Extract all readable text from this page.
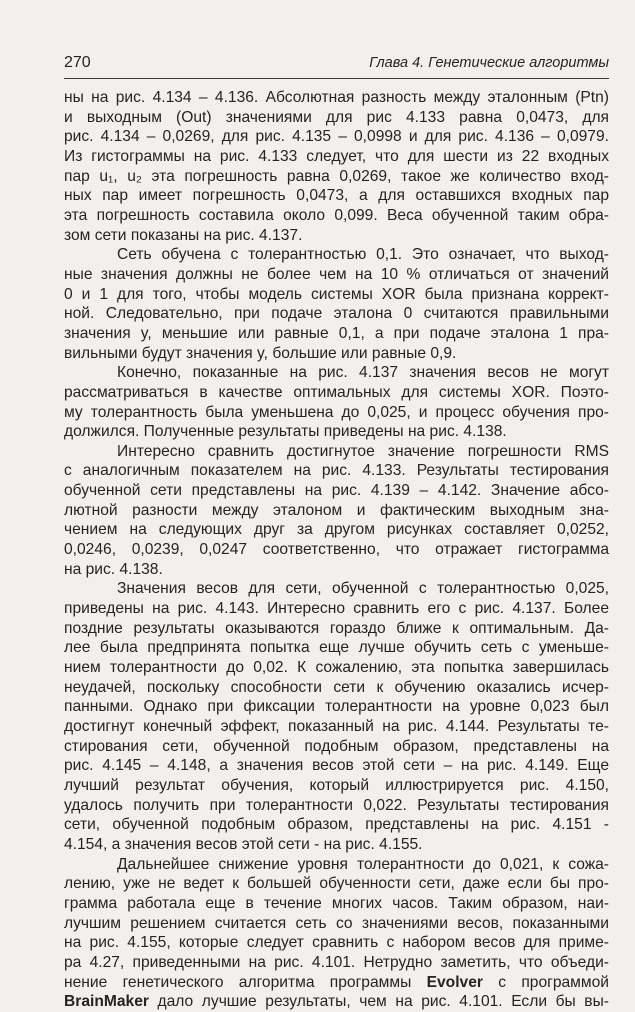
270	Глава 4. Генетические алгоритмы

ны на рис. 4.134 – 4.136. Абсолютная разность между эталонным (Ptn)

и выходным (Out) значениями для рис 4.133 равна 0,0473, для

рис. 4.134 – 0,0269, для рис. 4.135 – 0,0998 и для рис. 4.136 – 0,0979.

Из гистограммы на рис. 4.133 следует, что для шести из 22 входных

пар u₁, u₂ эта погрешность равна 0,0269, такое же количество вход-

ных пар имеет погрешность 0,0473, а для оставшихся входных пар

эта погрешность составила около 0,099. Веса обученной таким обра-

зом сети показаны на рис. 4.137.

Сеть обучена с толерантностью 0,1. Это означает, что выход-

ные значения должны не более чем на 10 % отличаться от значений

0 и 1 для того, чтобы модель системы XOR была признана коррект-

ной. Следовательно, при подаче эталона 0 считаются правильными

значения y, меньшие или равные 0,1, а при подаче эталона 1 пра-

вильными будут значения y, большие или равные 0,9.

Конечно, показанные на рис. 4.137 значения весов не могут

рассматриваться в качестве оптимальных для системы XOR. Поэто-

му толерантность была уменьшена до 0,025, и процесс обучения про-

должился. Полученные результаты приведены на рис. 4.138.

Интересно сравнить достигнутое значение погрешности RMS

с аналогичным показателем на рис. 4.133. Результаты тестирования

обученной сети представлены на рис. 4.139 – 4.142. Значение абсо-

лютной разности между эталоном и фактическим выходным зна-

чением на следующих друг за другом рисунках составляет 0,0252,

0,0246, 0,0239, 0,0247 соответственно, что отражает гистограмма

на рис. 4.138.

Значения весов для сети, обученной с толерантностью 0,025,

приведены на рис. 4.143. Интересно сравнить его с рис. 4.137. Более

поздние результаты оказываются гораздо ближе к оптимальным. Да-

лее была предпринята попытка еще лучше обучить сеть с уменьше-

нием толерантности до 0,02. К сожалению, эта попытка завершилась

неудачей, поскольку способности сети к обучению оказались исчер-

панными. Однако при фиксации толерантности на уровне 0,023 был

достигнут конечный эффект, показанный на рис. 4.144. Результаты те-

стирования сети, обученной подобным образом, представлены на

рис. 4.145 – 4.148, а значения весов этой сети – на рис. 4.149. Еще

лучший результат обучения, который иллюстрируется рис. 4.150,

удалось получить при толерантности 0,022. Результаты тестирования

сети, обученной подобным образом, представлены на рис. 4.151 -

4.154, а значения весов этой сети - на рис. 4.155.

Дальнейшее снижение уровня толерантности до 0,021, к сожа-

лению, уже не ведет к большей обученности сети, даже если бы про-

грамма работала еще в течение многих часов. Таким образом, наи-

лучшим решением считается сеть со значениями весов, показанными

на рис. 4.155, которые следует сравнить с набором весов для приме-

ра 4.27, приведенными на рис. 4.101. Нетрудно заметить, что объеди-

нение генетического алгоритма программы Evolver с программой

BrainMaker дало лучшие результаты, чем на рис. 4.101. Если бы вы-
